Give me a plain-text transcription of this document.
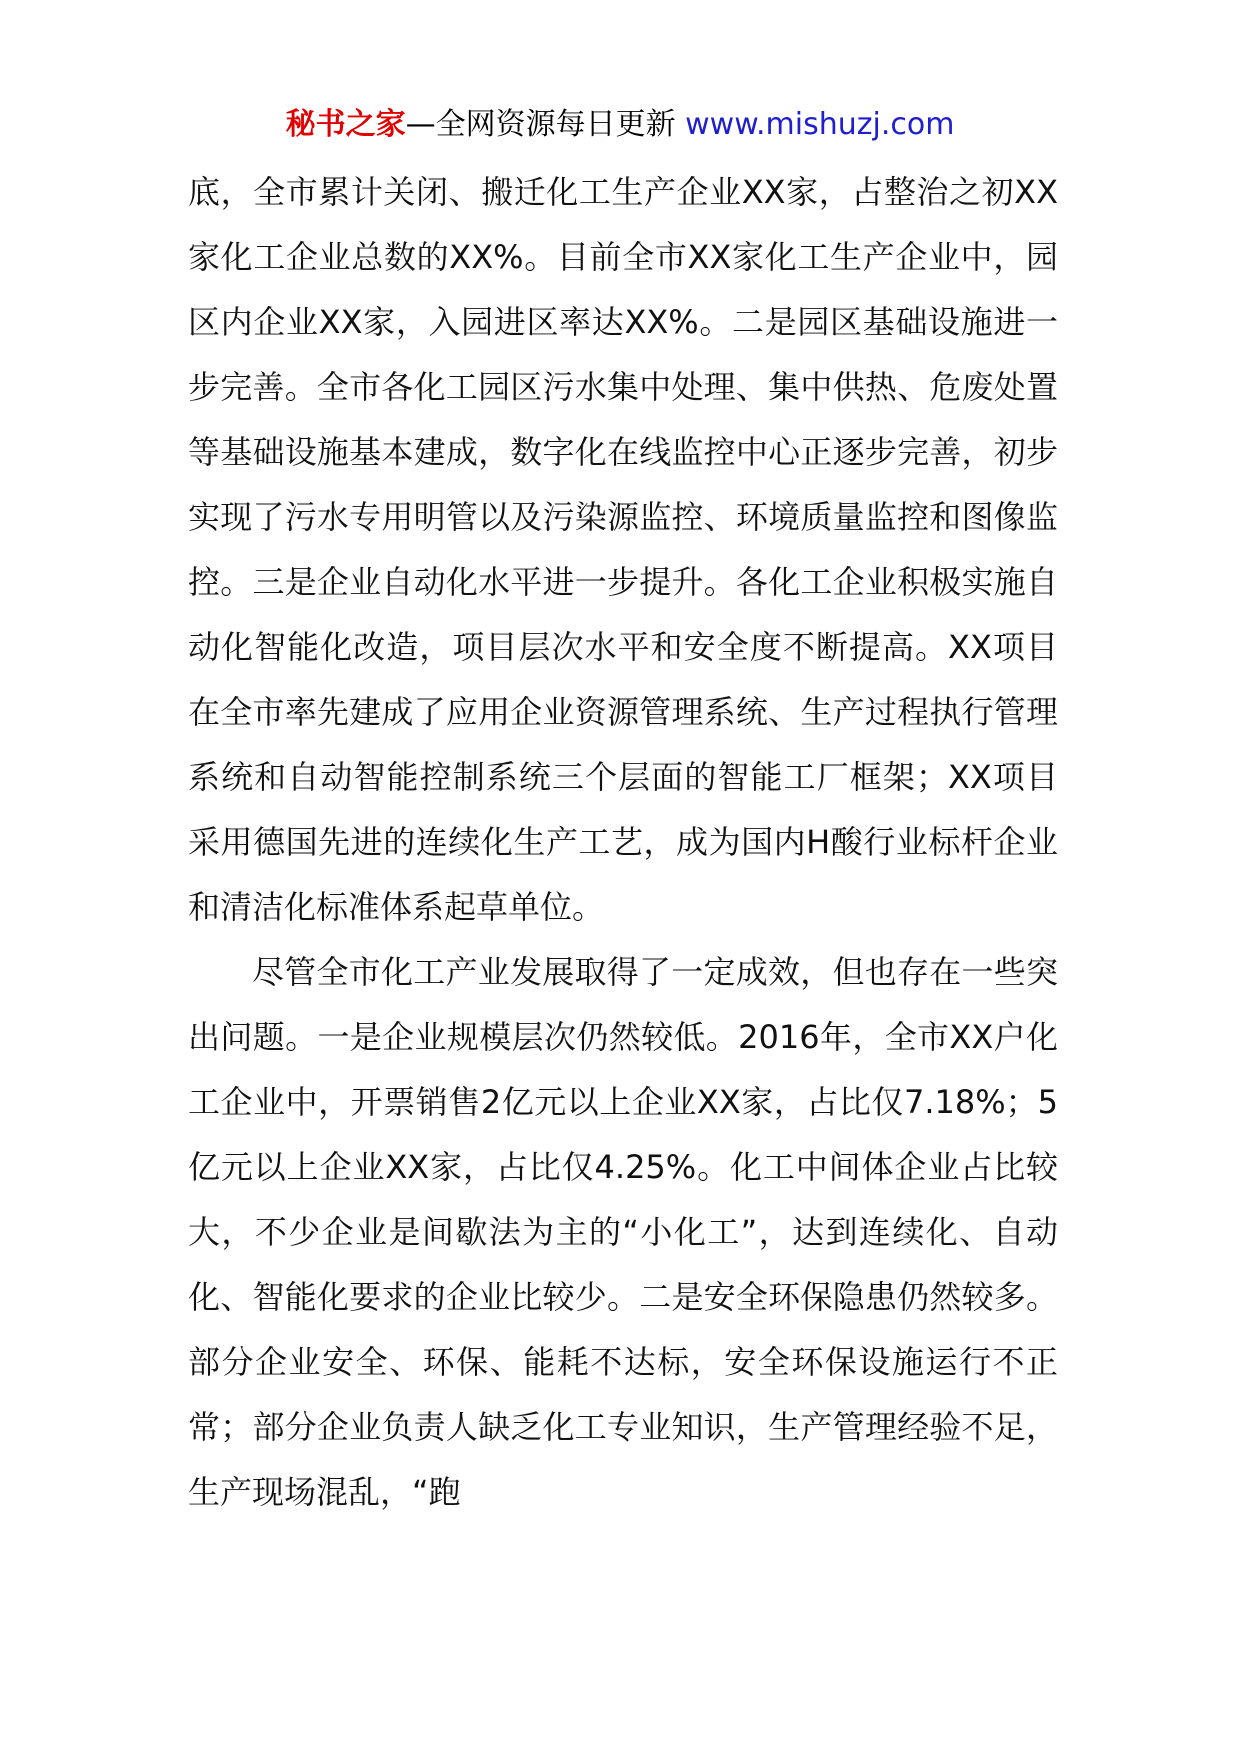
秘书之家—全网资源每日更新 www.mishuzj.com

底，全市累计关闭、搬迁化工生产企业XX家，占整治之初XX家化工企业总数的XX%。目前全市XX家化工生产企业中，园区内企业XX家，入园进区率达XX%。二是园区基础设施进一步完善。全市各化工园区污水集中处理、集中供热、危废处置等基础设施基本建成，数字化在线监控中心正逐步完善，初步实现了污水专用明管以及污染源监控、环境质量监控和图像监控。三是企业自动化水平进一步提升。各化工企业积极实施自动化智能化改造，项目层次水平和安全度不断提高。XX项目在全市率先建成了应用企业资源管理系统、生产过程执行管理系统和自动智能控制系统三个层面的智能工厂框架；XX项目采用德国先进的连续化生产工艺，成为国内H酸行业标杆企业和清洁化标准体系起草单位。

尽管全市化工产业发展取得了一定成效，但也存在一些突出问题。一是企业规模层次仍然较低。2016年，全市XX户化工企业中，开票销售2亿元以上企业XX家，占比仅7.18%；5亿元以上企业XX家，占比仅4.25%。化工中间体企业占比较大，不少企业是间歇法为主的“小化工”，达到连续化、自动化、智能化要求的企业比较少。二是安全环保隐患仍然较多。部分企业安全、环保、能耗不达标，安全环保设施运行不正常；部分企业负责人缺乏化工专业知识，生产管理经验不足，生产现场混乱，“跑
